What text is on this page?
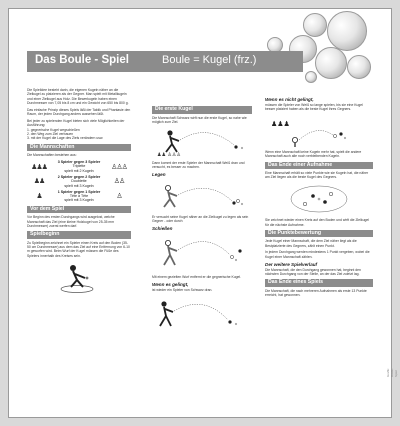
Das Boule - Spiel	Boule = Kugel (frz.)

Die Spielidee besteht darin, die eigenen Kugeln näher an die Zielkugel zu platzieren als der Gegner. Man spielt mit Metallkugeln und einer Zielkugel aus Holz. Die Bewerkugeln haben einen Durchmesser von 7,05 bis 8 cm und ein Gewicht von 650 bis 800 g.

Das einfache Prinzip dieses Spiels läßt der Taktik und Phantasie den Raum, der jeden Durchgang anders aussehen läßt.

Bei jeder zu spielenden Kugel bieten sich viele Möglichkeiten der Ausführung:

1. gegnerische Kugel wegschießen

2. den Weg zum Ziel verbauen

3. mit der Kugel die Lage des Ziels verändern usw.

Die Mannschaften

Die Mannschaften bestehen aus:

♟♟♟
3 Spieler gegen 3 Spieler
Triplette
spielt mit 2 Kugeln
♙♙♙
♟♟
2 Spieler gegen 2 Spieler
Doublette
spielt mit 3 Kugeln
♙♙
♟
1 Spieler gegen 1 Spieler
Tête à Tête
spielt mit 3 Kugeln
♙
Vor dem Spiel

Vor Beginn des ersten Durchgangs wird ausgelost, welche Mannschaft das Ziel (eine kleine Holzkugel von 25-35 mm Durchmesser) zuerst werfen darf.

Spielbeginn

Zu Spielbeginn zeichnet ein Spieler einen Kreis auf den Boden (35-50 cm Durchmesser) aus dem das Ziel auf eine Entfernung von 6-10 m geworfen wird. Beim Wurf der Kugel müssen die Füße des Spielers innerhalb des Kreises sein.

Die erste Kugel

Die Mannschaft Schwarz wirft nun die erste Kugel, so nahe wie möglich zum Ziel.

♟♟ ♙♙♙

Dann kommt der erste Spieler der Mannschaft Weiß dran und versucht, es besser zu machen.

Legen

Er versucht seine Kugel näher an die Zielkugel zu legen als sein Gegner - oder durch

Schießen

Mit einem gezielten Wurf entfernt er die gegnerische Kugel.

Wenn es gelingt,

ist wieder ein Spieler von Schwarz dran.

Wenn es nicht gelingt,

müssen die Spieler von Weiß so lange spielen, bis sie eine Kugel besser platziert haben als die beste Kugel ihres Gegners.

♟♟♟

Wenn eine Mannschaft keine Kugeln mehr hat, spielt die andere Mannschaft auch alle noch verbleibenden Kugeln.

Das Ende einer Aufnahme

Eine Mannschaft erhält so viele Punkte wie sie Kugeln hat, die näher am Ziel liegen als die beste Kugel des Gegners.

Sie zeichnet wieder einen Kreis auf den Boden und wirft die Zielkugel für die nächste Aufnahme.

Die Punktebewertung

Jede Kugel einer Mannschaft, die dem Ziel näher liegt als die Bestplatzierte des Gegners, zählt einen Punkt.

In jedem Durchgang werden mindestens 1 Punkt vergeben, wobei die Kugel einer Mannschaft zählen.

Der weitere Spielverlauf

Die Mannschaft, die den Durchgang gewonnen hat, beginnt den nächsten Durchgang von der Stelle, an der das Ziel zuletzt lag.

Das Ende eines Spiels

Die Mannschaft, die nach mehreren Aufnahmen als erste 13 Punkte erreicht, hat gewonnen.

Grafik: Boule-Spiel
